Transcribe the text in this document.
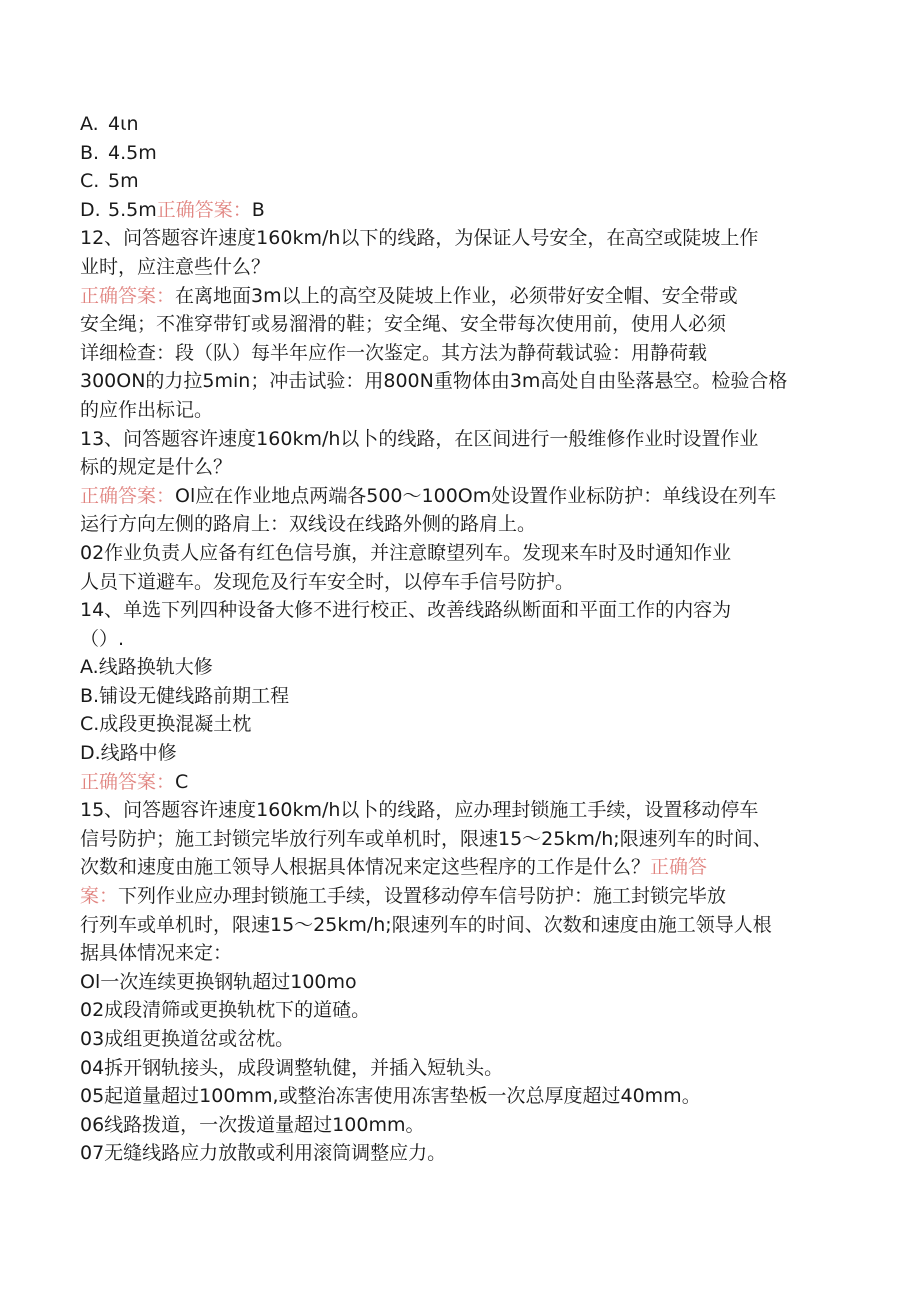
A. 4ιn
B. 4.5m
C. 5m
D. 5.5m正确答案：B
12、问答题容许速度160km∕h以下的线路，为保证人号安全，在高空或陡坡上作
业时，应注意些什么？
正确答案：在离地面3m以上的高空及陡坡上作业，必须带好安全帽、安全带或
安全绳；不准穿带钉或易溜滑的鞋；安全绳、安全带每次使用前，使用人必须
详细检查：段（队）每半年应作一次鉴定。其方法为静荷载试验：用静荷载
300ON的力拉5min；冲击试验：用800N重物体由3m高处自由坠落悬空。检验合格
的应作出标记。
13、问答题容许速度160km∕h以卜的线路，在区间进行一般维修作业时设置作业
标的规定是什么？
正确答案：Ol应在作业地点两端各500〜100Om处设置作业标防护：单线设在列车
运行方向左侧的路肩上：双线设在线路外侧的路肩上。
02作业负责人应备有红色信号旗，并注意瞭望列车。发现来车时及时通知作业
人员下道避车。发现危及行车安全时，以停车手信号防护。
14、单选下列四种设备大修不进行校正、改善线路纵断面和平面工作的内容为
（）.
A.线路换轨大修
B.铺设无健线路前期工程
C.成段更换混凝土枕
D.线路中修
正确答案：C
15、问答题容许速度160km∕h以卜的线路，应办理封锁施工手续，设置移动停车
信号防护；施工封锁完毕放行列车或单机时，限速15〜25km∕h;限速列车的时间、
次数和速度由施工领导人根据具体情况来定这些程序的工作是什么？正确答
案：下列作业应办理封锁施工手续，设置移动停车信号防护：施工封锁完毕放
行列车或单机时，限速15〜25km∕h;限速列车的时间、次数和速度由施工领导人根
据具体情况来定：
Ol一次连续更换钢轨超过100mo
02成段清筛或更换轨枕下的道碴。
03成组更换道岔或岔枕。
04拆开钢轨接头，成段调整轨健，并插入短轨头。
05起道量超过100mm,或整治冻害使用冻害垫板一次总厚度超过40mm。
06线路拨道，一次拨道量超过100mm。
07无缝线路应力放散或利用滚筒调整应力。
